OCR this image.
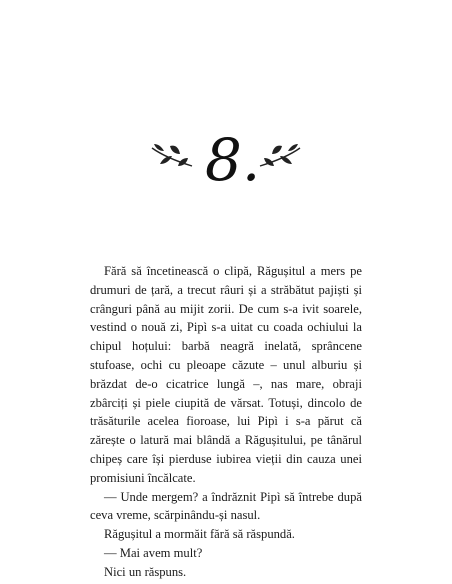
8.

Fără să încetinească o clipă, Răgușitul a mers pe drumuri de țară, a trecut râuri și a străbătut pajiști și crânguri până au mijit zorii. De cum s-a ivit soarele, vestind o nouă zi, Pipì s-a uitat cu coada ochiului la chipul hoțului: barbă neagră inelată, sprâncene stufoase, ochi cu pleoape căzute – unul alburiu și brăzdat de-o cicatrice lungă –, nas mare, obraji zbârciți și piele ciupită de vărsat. Totuși, dincolo de trăsăturile acelea fioroase, lui Pipì i s-a părut că zărește o latură mai blândă a Răgușitului, pe tânărul chipeș care își pierduse iubirea vieții din cauza unei promisiuni încălcate.

— Unde mergem? a îndrăznit Pipì să întrebe după ceva vreme, scărpinându-și nasul.

Răgușitul a mormăit fără să răspundă.

— Mai avem mult?

Nici un răspuns.
